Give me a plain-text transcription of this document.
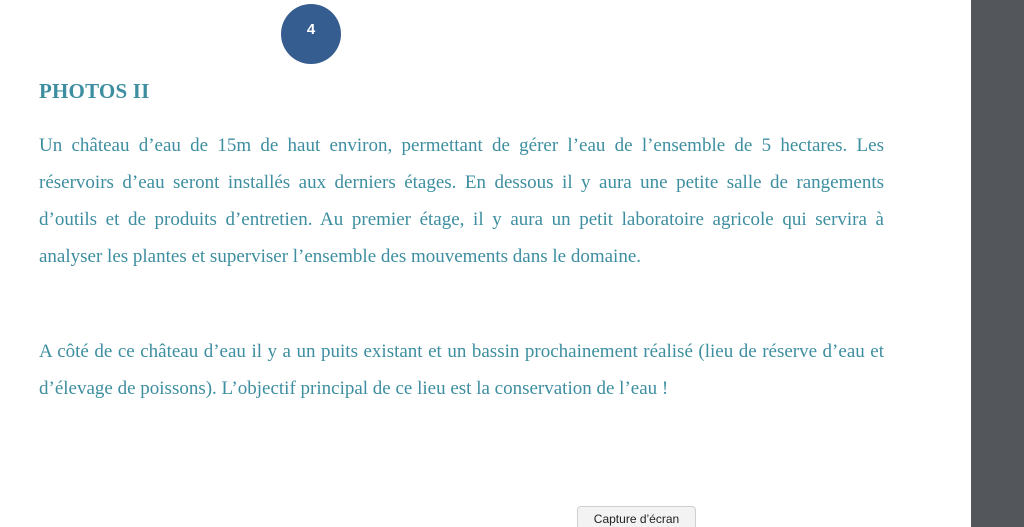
4
PHOTOS II

Un château d’eau de 15m de haut environ, permettant de gérer l’eau de l’ensemble de 5 hectares. Les réservoirs d’eau seront installés aux derniers étages. En dessous il y aura une petite salle de rangements d’outils et de produits d’entretien. Au premier étage, il y aura un petit laboratoire agricole qui servira à analyser les plantes et superviser l’ensemble des mouvements dans le domaine.

A côté de ce château d’eau il y a un puits existant et un bassin prochainement réalisé (lieu de réserve d’eau et d’élevage de poissons). L’objectif principal de ce lieu est la conservation de l’eau !

Capture d’écran
